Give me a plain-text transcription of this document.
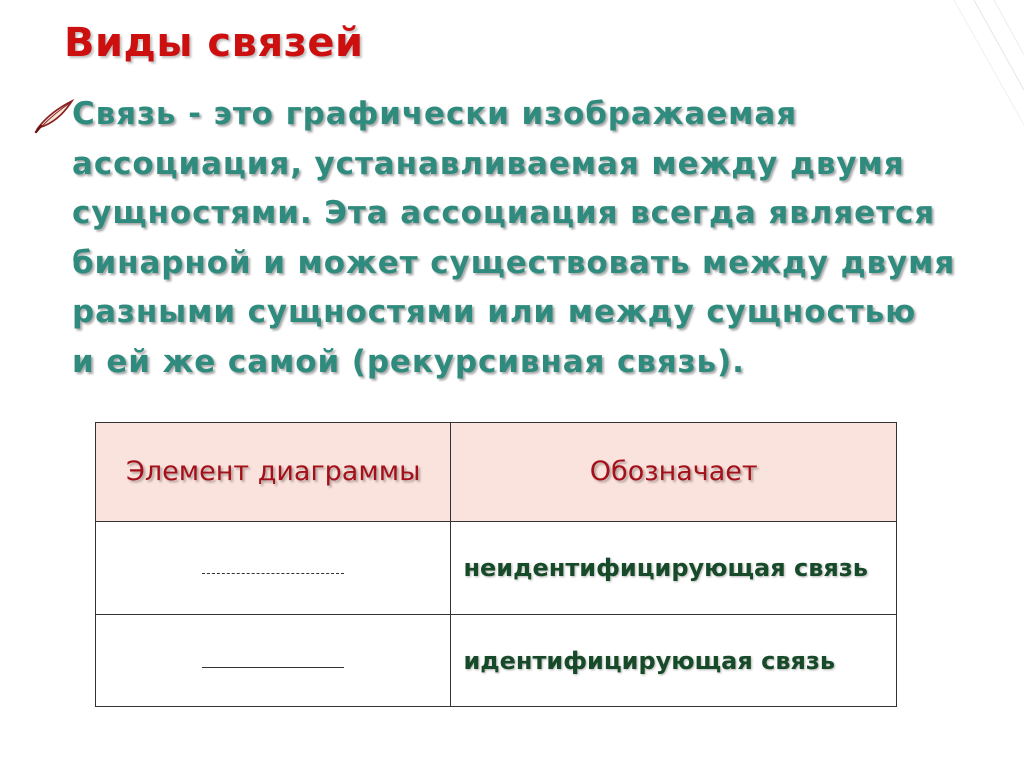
Виды связей
Связь - это графически изображаемая
ассоциация, устанавливаемая между двумя
сущностями. Эта ассоциация всегда является
бинарной и может существовать между двумя
разными сущностями или между сущностью
и ей же самой (рекурсивная связь).
Элемент диаграммы	Обозначает
	неидентифицирующая связь
	идентифицирующая связь
